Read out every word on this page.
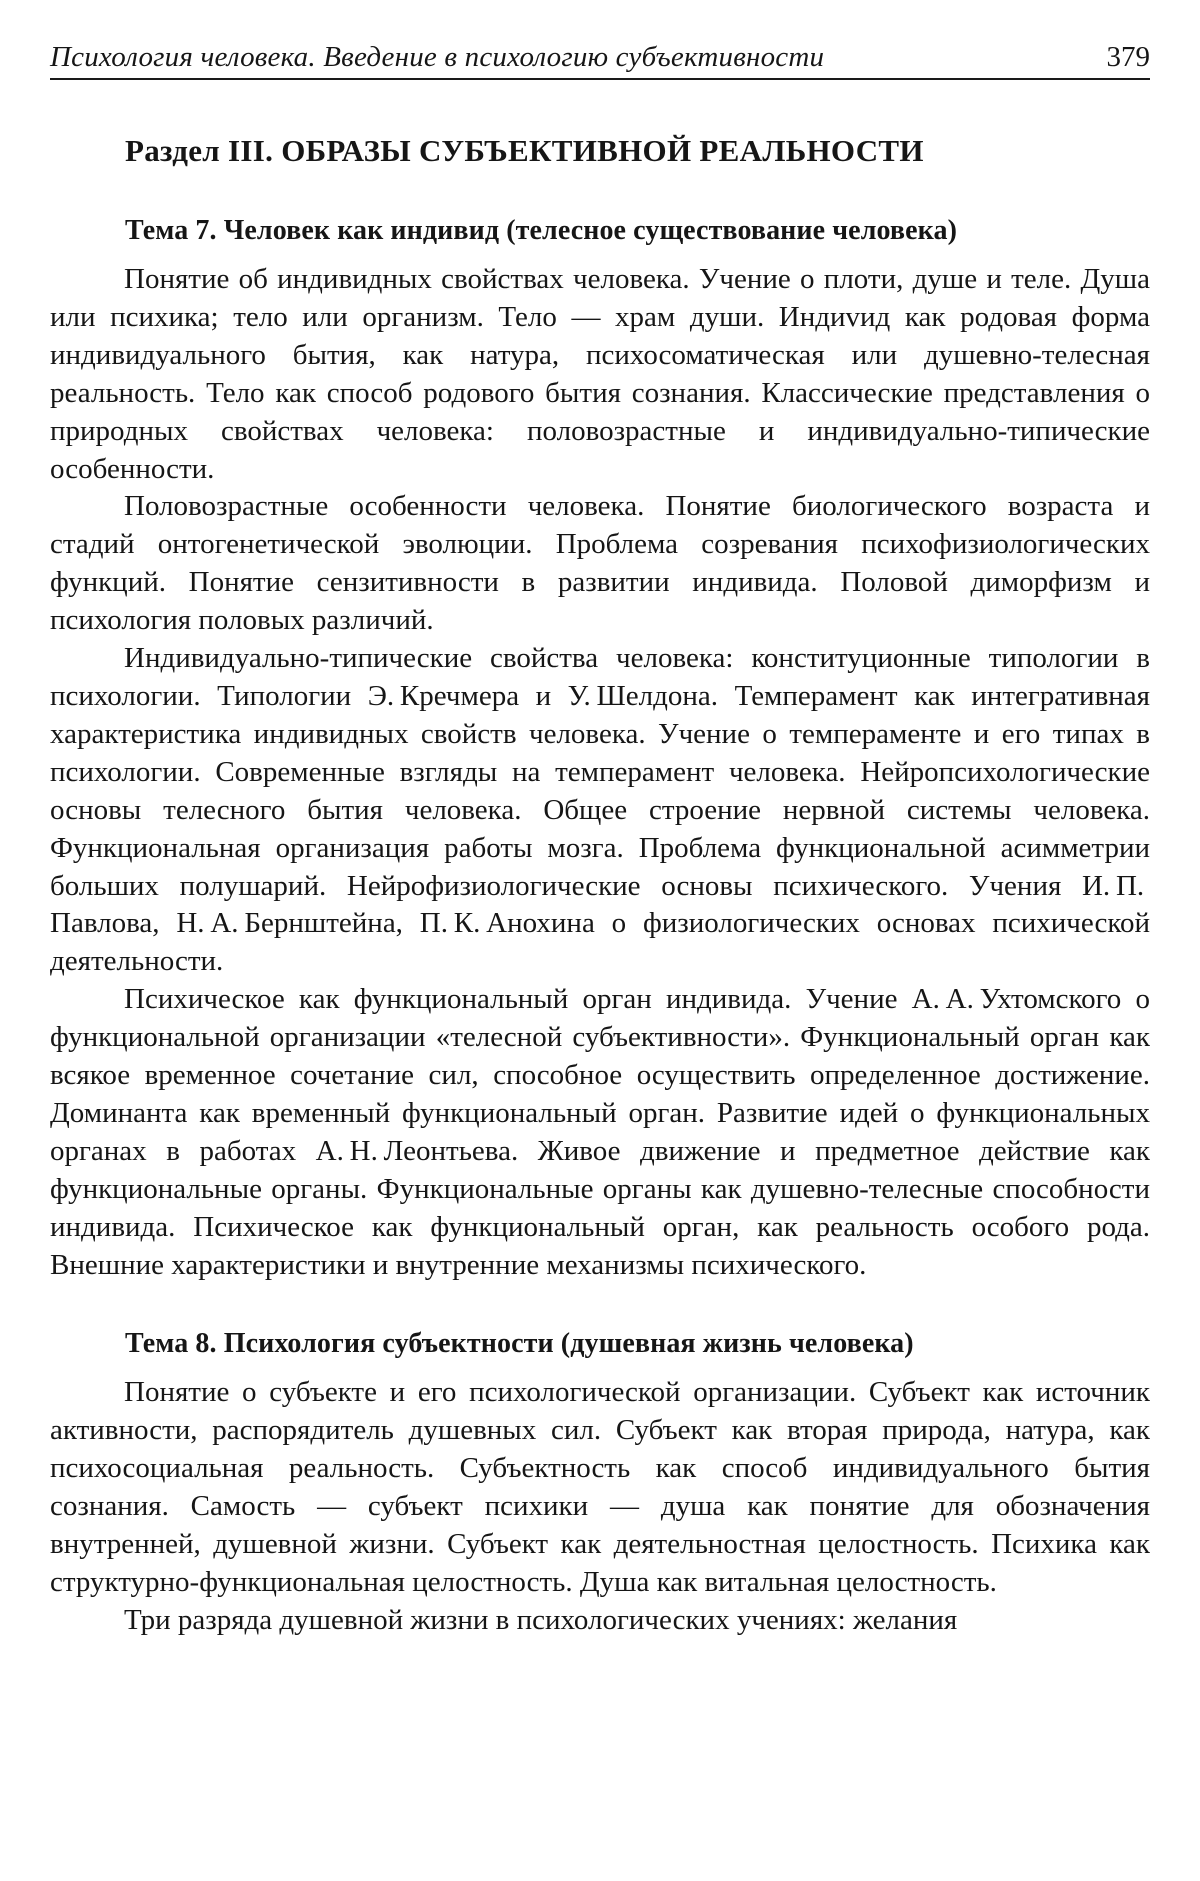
Психология человека. Введение в психологию субъективности	379
Раздел III. ОБРАЗЫ СУБЪЕКТИВНОЙ РЕАЛЬНОСТИ
Тема 7. Человек как индивид (телесное существование человека)

Понятие об индивидных свойствах человека. Учение о плоти, душе и теле. Душа или психика; тело или организм. Тело — храм души. Индиvид как родовая форма индивидуального бытия, как натура, психосоматическая или душевно-телесная реальность. Тело как способ родового бытия сознания. Классические представления о природных свойствах человека: половозрастные и индивидуально-типические особенности.

Половозрастные особенности человека. Понятие биологического возраста и стадий онтогенетической эволюции. Проблема созревания психофизиологических функций. Понятие сензитивности в развитии индивида. Половой диморфизм и психология половых различий.

Индивидуально-типические свойства человека: конституционные типологии в психологии. Типологии Э. Кречмера и У. Шелдона. Темперамент как интегративная характеристика индивидных свойств человека. Учение о темпераменте и его типах в психологии. Современные взгляды на темперамент человека. Нейропсихологические основы телесного бытия человека. Общее строение нервной системы человека. Функциональная организация работы мозга. Проблема функциональной асимметрии больших полушарий. Нейрофизиологические основы психического. Учения И. П. Павлова, Н. А. Бернштейна, П. К. Анохина о физиологических основах психической деятельности.

Психическое как функциональный орган индивида. Учение А. А. Ухтомского о функциональной организации «телесной субъективности». Функциональный орган как всякое временное сочетание сил, способное осуществить определенное достижение. Доминанта как временный функциональный орган. Развитие идей о функциональных органах в работах А. Н. Леонтьева. Живое движение и предметное действие как функциональные органы. Функциональные органы как душевно-телесные способности индивида. Психическое как функциональный орган, как реальность особого рода. Внешние характеристики и внутренние механизмы психического.

Тема 8. Психология субъектности (душевная жизнь человека)

Понятие о субъекте и его психологической организации. Субъект как источник активности, распорядитель душевных сил. Субъект как вторая природа, натура, как психосоциальная реальность. Субъектность как способ индивидуального бытия сознания. Самость — субъект психики — душа как понятие для обозначения внутренней, душевной жизни. Субъект как деятельностная целостность. Психика как структурно-функциональная целостность. Душа как витальная целостность.

Три разряда душевной жизни в психологических учениях: желания
